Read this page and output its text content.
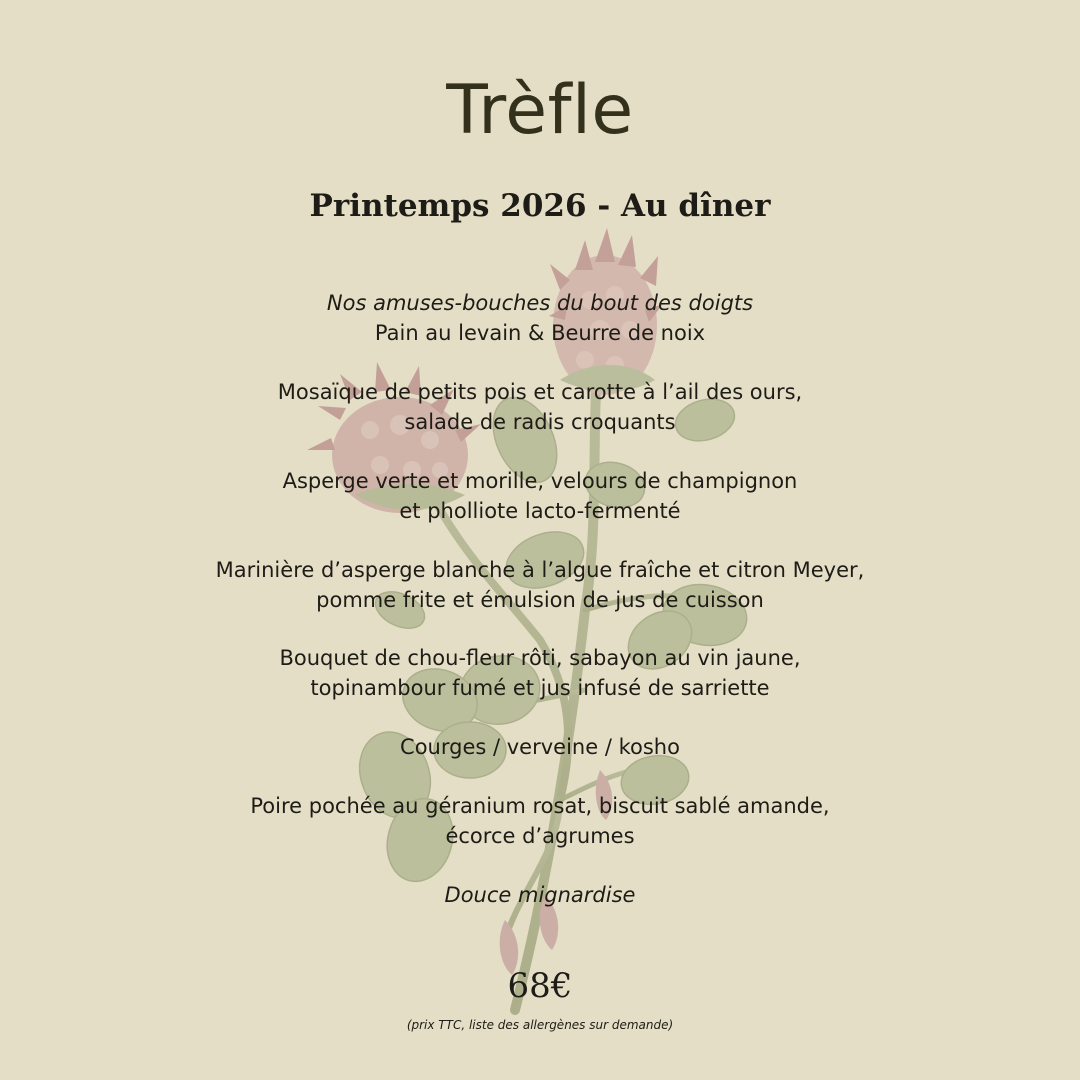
Trèfle
Printemps 2026 - Au dîner
Nos amuses-bouches du bout des doigts
Pain au levain & Beurre de noix
Mosaïque de petits pois et carotte à l’ail des ours,
salade de radis croquants
Asperge verte et morille, velours de champignon
et pholliote lacto-fermenté
Marinière d’asperge blanche à l’algue fraîche et citron Meyer,
pomme frite et émulsion de jus de cuisson
Bouquet de chou-fleur rôti, sabayon au vin jaune,
topinambour fumé et jus infusé de sarriette
Courges / verveine / kosho
Poire pochée au géranium rosat, biscuit sablé amande,
écorce d’agrumes
Douce mignardise
68€
(prix TTC, liste des allergènes sur demande)
